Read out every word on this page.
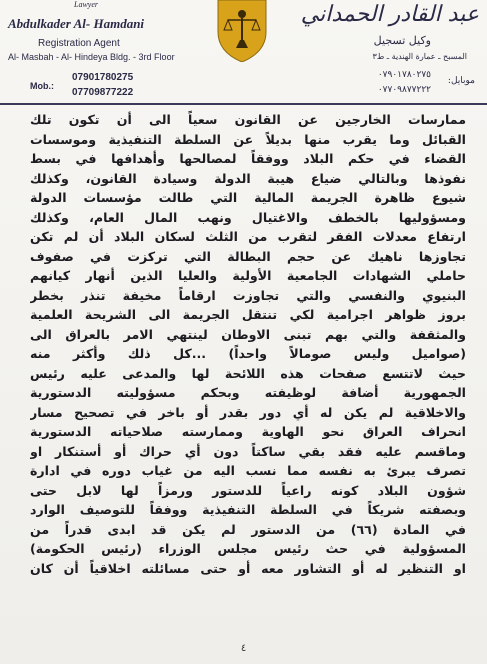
Lawyer
Abdulkader Al- Hamdani
Registration Agent
Al- Masbah - Al- Hindeya Bldg. - 3rd Floor
Mob.:
07901780275
07709877222
عبد القادر الحمداني
وكيل تسجيل
المسبح ـ عمارة الهندية ـ ط٣
موبايل:
٠٧٩٠١٧٨٠٢٧٥
٠٧٧٠٩٨٧٧٢٢٢
ممارسات الخارجين عن القانون سعياً الى أن تكون تلك
القبائل وما يقرب منها بديلاً عن السلطة التنفيذية وموسسات
القضاء في حكم البلاد ووفقاً لمصالحها وأهدافها في بسط
نفوذها وبالتالي ضياع هيبة الدولة وسيادة القانون، وكذلك
شيوع ظاهرة الجريمة المالية التي طالت مؤسسات الدولة
ومسؤوليها بالخطف والاغتيال ونهب المال العام، وكذلك
ارتفاع معدلات الفقر لتقرب من الثلث لسكان البلاد أن لم تكن
تجاوزها ناهيك عن حجم البطالة التي تركزت في صفوف
حاملي الشهادات الجامعية الأولية والعليا الذين أنهار كيانهم
البنيوي والنفسي والتي تجاوزت ارقاماً مخيفة تنذر بخطر
بروز ظواهر اجرامية لكي تنتقل الجريمة الى الشريحة العلمية
والمثقفة والتي بهم تبنى الاوطان لينتهي الامر بالعراق الى
(صواميل وليس صومالاً واحداً) ...كل ذلك وأكثر منه
حيث لاتتسع صفحات هذه اللائحة لها والمدعى عليه رئيس
الجمهورية أضافة لوظيفته وبحكم مسؤوليته الدستورية
والاخلاقية لم يكن له أي دور بقدر أو باخر في تصحيح مسار
انحراف العراق نحو الهاوية وممارسته صلاحياته الدستورية
وماقسم عليه فقد بقي ساكتاً دون أي حراك أو أستنكار او
تصرف يبرئ به نفسه مما نسب اليه من غياب دوره في ادارة
شؤون البلاد كونه راعياً للدستور ورمزاً لها لابل حتى
وبصفته شريكاً في السلطة التنفيذية ووفقاً للتوصيف الوارد
في المادة (٦٦) من الدستور لم يكن قد ابدى قدراً من
المسؤولية في حث رئيس مجلس الوزراء (رئيس الحكومة)
او التنظير له أو التشاور معه أو حتى مسائلته اخلاقياً أن كان
٤
